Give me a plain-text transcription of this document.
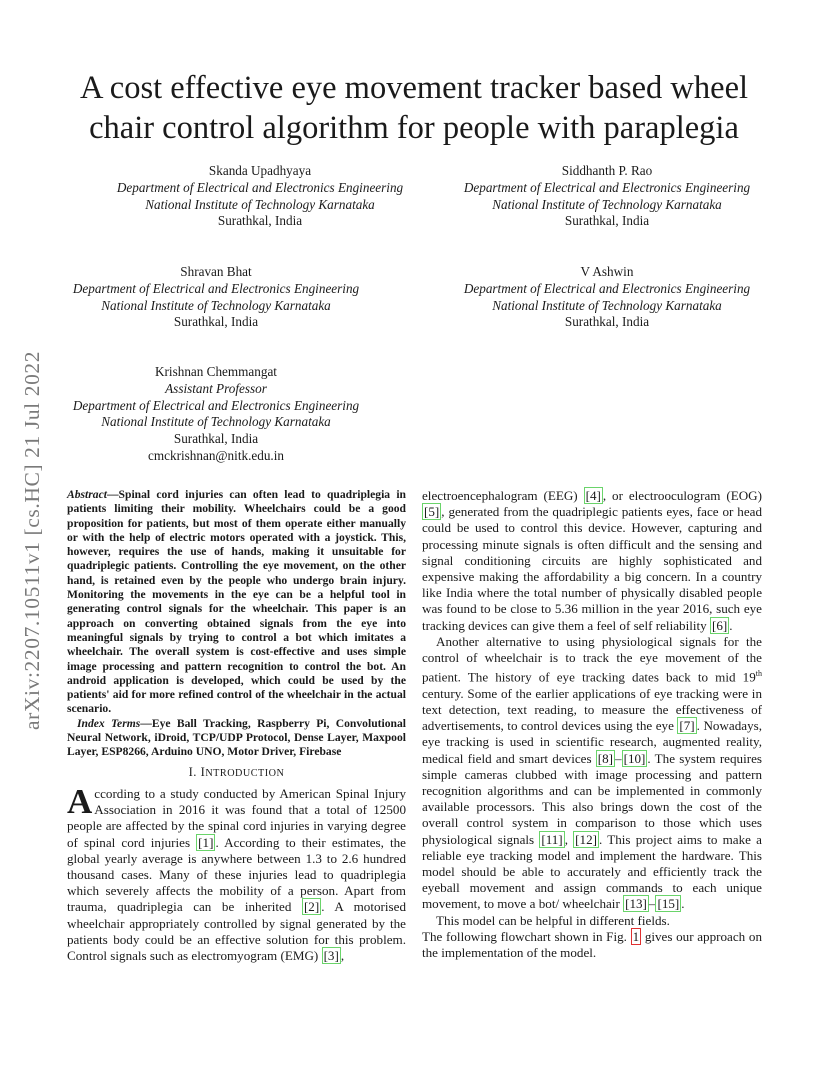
arXiv:2207.10511v1 [cs.HC] 21 Jul 2022
A cost effective eye movement tracker based wheel
chair control algorithm for people with paraplegia
Skanda Upadhyaya
Department of Electrical and Electronics Engineering
National Institute of Technology Karnataka
Surathkal, India
Siddhanth P. Rao
Department of Electrical and Electronics Engineering
National Institute of Technology Karnataka
Surathkal, India
Shravan Bhat
Department of Electrical and Electronics Engineering
National Institute of Technology Karnataka
Surathkal, India
V Ashwin
Department of Electrical and Electronics Engineering
National Institute of Technology Karnataka
Surathkal, India
Krishnan Chemmangat
Assistant Professor
Department of Electrical and Electronics Engineering
National Institute of Technology Karnataka
Surathkal, India
cmckrishnan@nitk.edu.in

Abstract—Spinal cord injuries can often lead to quadriplegia in patients limiting their mobility. Wheelchairs could be a good proposition for patients, but most of them operate either manually or with the help of electric motors operated with a joystick. This, however, requires the use of hands, making it unsuitable for quadriplegic patients. Controlling the eye movement, on the other hand, is retained even by the people who undergo brain injury. Monitoring the movements in the eye can be a helpful tool in generating control signals for the wheelchair. This paper is an approach on converting obtained signals from the eye into meaningful signals by trying to control a bot which imitates a wheelchair. The overall system is cost-effective and uses simple image processing and pattern recognition to control the bot. An android application is developed, which could be used by the patients' aid for more refined control of the wheelchair in the actual scenario.

Index Terms—Eye Ball Tracking, Raspberry Pi, Convolutional Neural Network, iDroid, TCP/UDP Protocol, Dense Layer, Maxpool Layer, ESP8266, Arduino UNO, Motor Driver, Firebase

I. INTRODUCTION

According to a study conducted by American Spinal Injury Association in 2016 it was found that a total of 12500 people are affected by the spinal cord injuries in varying degree of spinal cord injuries [1] . According to their estimates, the global yearly average is anywhere between 1.3 to 2.6 hundred thousand cases. Many of these injuries lead to quadriplegia which severely affects the mobility of a person. Apart from trauma, quadriplegia can be inherited [2] . A motorised wheelchair appropriately controlled by signal generated by the patients body could be an effective solution for this problem. Control signals such as electromyogram (EMG) [3] ,

electroencephalogram (EEG) [4] , or electrooculogram (EOG) [5] , generated from the quadriplegic patients eyes, face or head could be used to control this device. However, capturing and processing minute signals is often difficult and the sensing and signal conditioning circuits are highly sophisticated and expensive making the affordability a big concern. In a country like India where the total number of physically disabled people was found to be close to 5.36 million in the year 2016, such eye tracking devices can give them a feel of self reliability [6] .

Another alternative to using physiological signals for the control of wheelchair is to track the eye movement of the patient. The history of eye tracking dates back to mid 19th century. Some of the earlier applications of eye tracking were in text detection, text reading, to measure the effectiveness of advertisements, to control devices using the eye [7] . Nowadays, eye tracking is used in scientific research, augmented reality, medical field and smart devices [8] – [10] . The system requires simple cameras clubbed with image processing and pattern recognition algorithms and can be implemented in commonly available processors. This also brings down the cost of the overall control system in comparison to those which uses physiological signals [11] , [12] . This project aims to make a reliable eye tracking model and implement the hardware. This model should be able to accurately and efficiently track the eyeball movement and assign commands to each unique movement, to move a bot/ wheelchair [13] – [15] .

This model can be helpful in different fields.

The following flowchart shown in Fig. 1 gives our approach on the implementation of the model.
